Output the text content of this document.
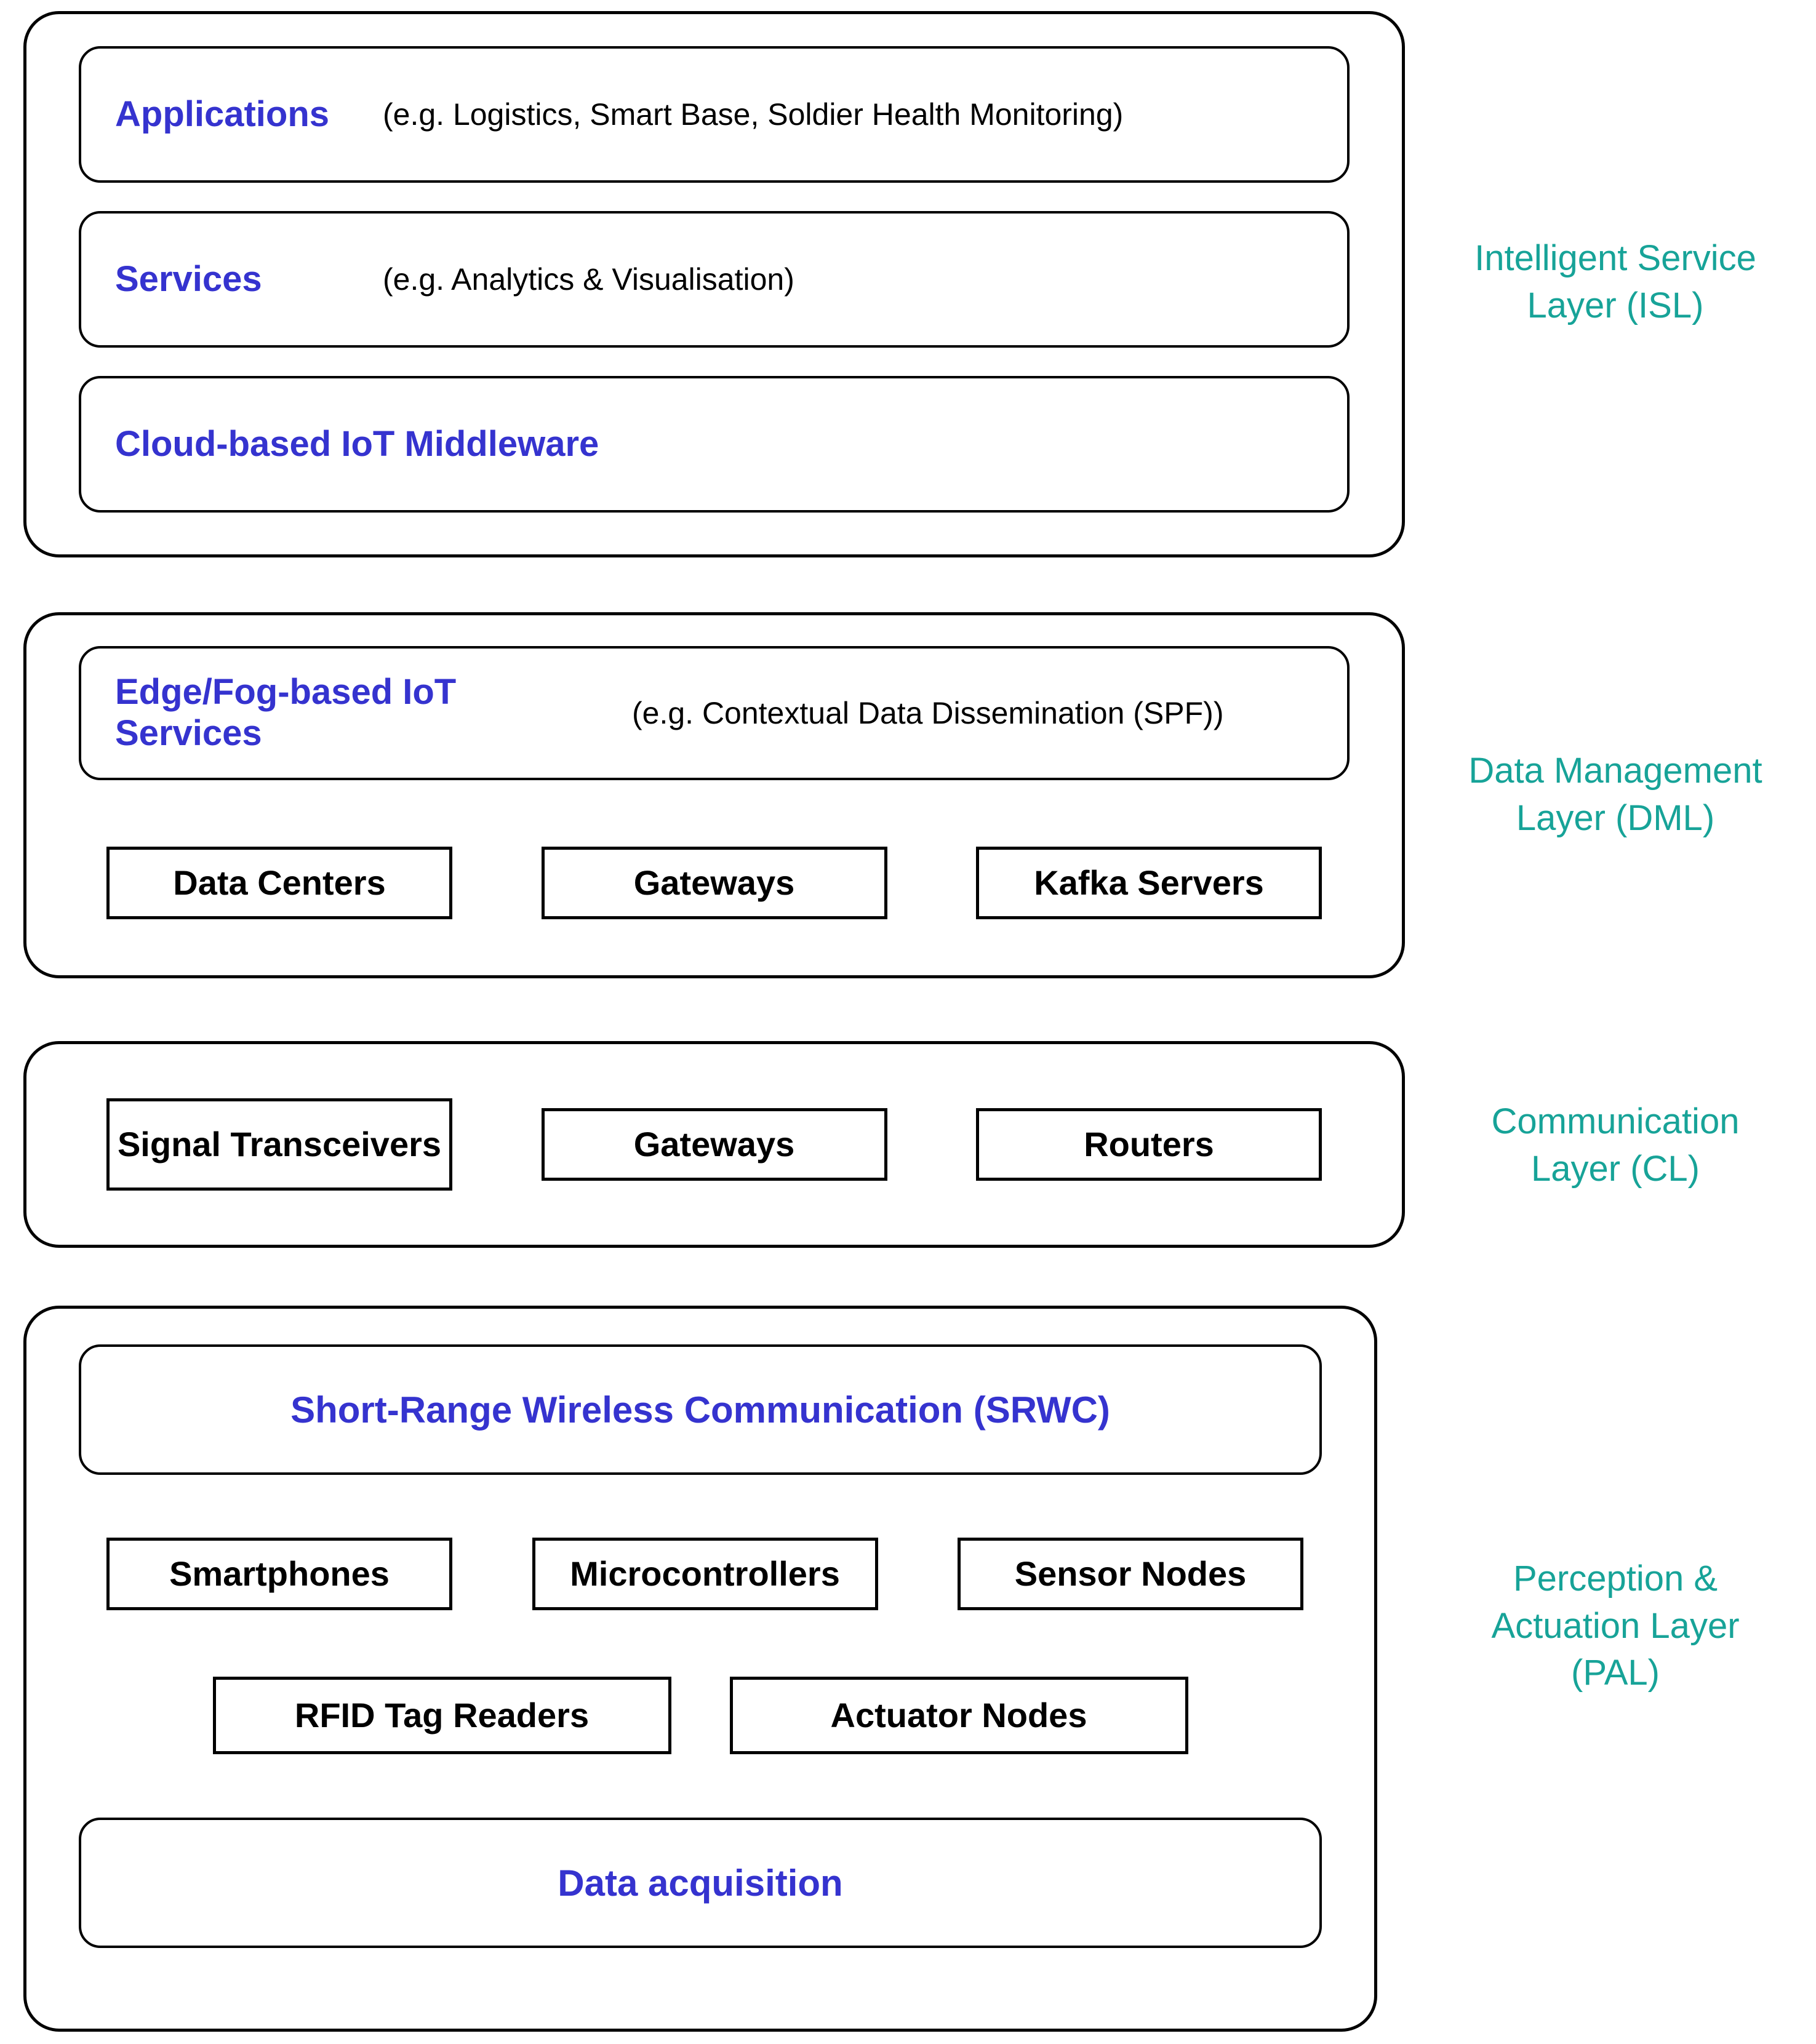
Applications	(e.g. Logistics, Smart Base, Soldier Health Monitoring)
Services	(e.g. Analytics & Visualisation)
Cloud-based IoT Middleware
Intelligent Service
Layer (ISL)
Edge/Fog-based IoT
Services	(e.g. Contextual Data Dissemination (SPF))
Data Centers	Gateways	Kafka Servers
Data Management
Layer (DML)
Signal Transceivers	Gateways	Routers
Communication
Layer (CL)
Short-Range Wireless Communication (SRWC)
Smartphones	Microcontrollers	Sensor Nodes
RFID Tag Readers	Actuator Nodes
Data acquisition
Perception &
Actuation Layer
(PAL)
